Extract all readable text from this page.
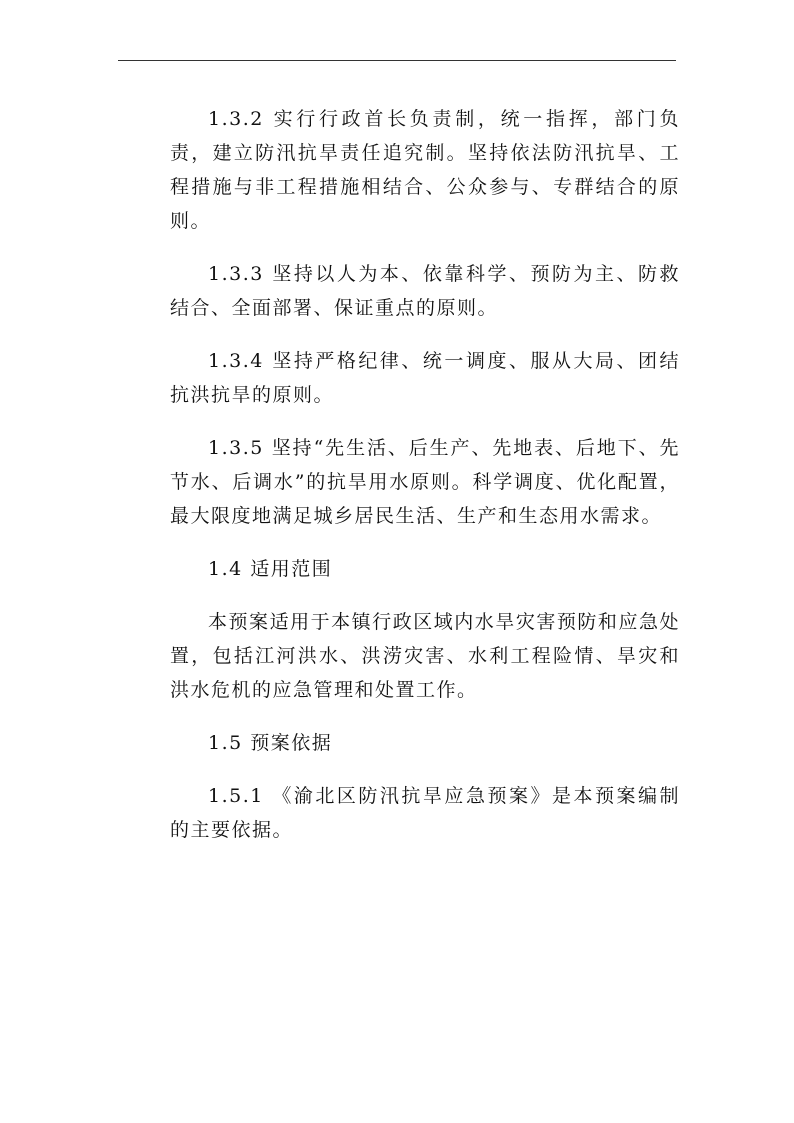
1.3.2 实行行政首长负责制，统一指挥，部门负责，建立防汛抗旱责任追究制。坚持依法防汛抗旱、工程措施与非工程措施相结合、公众参与、专群结合的原则。

1.3.3 坚持以人为本、依靠科学、预防为主、防救结合、全面部署、保证重点的原则。

1.3.4 坚持严格纪律、统一调度、服从大局、团结抗洪抗旱的原则。

1.3.5 坚持“先生活、后生产、先地表、后地下、先节水、后调水”的抗旱用水原则。科学调度、优化配置，最大限度地满足城乡居民生活、生产和生态用水需求。

1.4 适用范围

本预案适用于本镇行政区域内水旱灾害预防和应急处置，包括江河洪水、洪涝灾害、水利工程险情、旱灾和洪水危机的应急管理和处置工作。

1.5 预案依据

1.5.1 《渝北区防汛抗旱应急预案》是本预案编制的主要依据。
